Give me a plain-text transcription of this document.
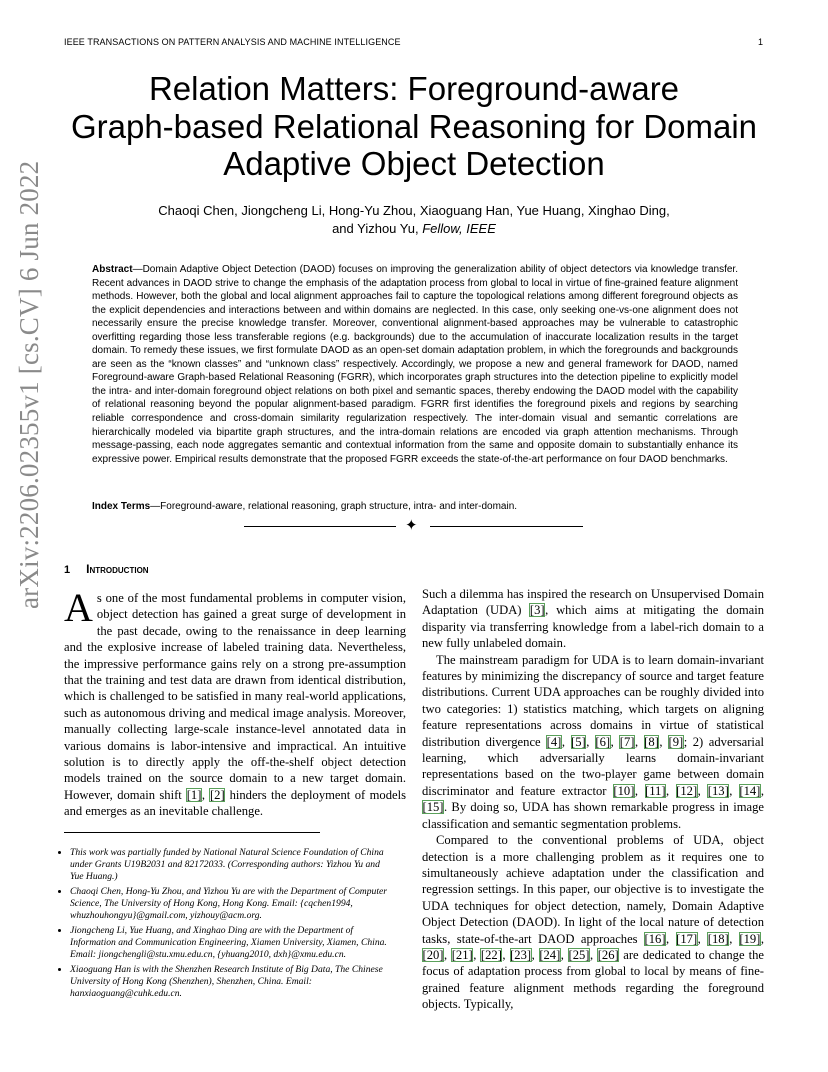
IEEE TRANSACTIONS ON PATTERN ANALYSIS AND MACHINE INTELLIGENCE	1
arXiv:2206.02355v1 [cs.CV] 6 Jun 2022
Relation Matters: Foreground-aware
Graph-based Relational Reasoning for Domain
Adaptive Object Detection
Chaoqi Chen, Jiongcheng Li, Hong-Yu Zhou, Xiaoguang Han, Yue Huang, Xinghao Ding,
and Yizhou Yu, Fellow, IEEE
Abstract—Domain Adaptive Object Detection (DAOD) focuses on improving the generalization ability of object detectors via knowledge transfer. Recent advances in DAOD strive to change the emphasis of the adaptation process from global to local in virtue of fine-grained feature alignment methods. However, both the global and local alignment approaches fail to capture the topological relations among different foreground objects as the explicit dependencies and interactions between and within domains are neglected. In this case, only seeking one-vs-one alignment does not necessarily ensure the precise knowledge transfer. Moreover, conventional alignment-based approaches may be vulnerable to catastrophic overfitting regarding those less transferable regions (e.g. backgrounds) due to the accumulation of inaccurate localization results in the target domain. To remedy these issues, we first formulate DAOD as an open-set domain adaptation problem, in which the foregrounds and backgrounds are seen as the “known classes” and “unknown class” respectively. Accordingly, we propose a new and general framework for DAOD, named Foreground-aware Graph-based Relational Reasoning (FGRR), which incorporates graph structures into the detection pipeline to explicitly model the intra- and inter-domain foreground object relations on both pixel and semantic spaces, thereby endowing the DAOD model with the capability of relational reasoning beyond the popular alignment-based paradigm. FGRR first identifies the foreground pixels and regions by searching reliable correspondence and cross-domain similarity regularization respectively. The inter-domain visual and semantic correlations are hierarchically modeled via bipartite graph structures, and the intra-domain relations are encoded via graph attention mechanisms. Through message-passing, each node aggregates semantic and contextual information from the same and opposite domain to substantially enhance its expressive power. Empirical results demonstrate that the proposed FGRR exceeds the state-of-the-art performance on four DAOD benchmarks.
Index Terms—Foreground-aware, relational reasoning, graph structure, intra- and inter-domain.
✦
1 Introduction

As one of the most fundamental problems in computer vision, object detection has gained a great surge of development in the past decade, owing to the renaissance in deep learning and the explosive increase of labeled training data. Nevertheless, the impressive performance gains rely on a strong pre-assumption that the training and test data are drawn from identical distribution, which is challenged to be satisfied in many real-world applications, such as autonomous driving and medical image analysis. Moreover, manually collecting large-scale instance-level annotated data in various domains is labor-intensive and impractical. An intuitive solution is to directly apply the off-the-shelf object detection models trained on the source domain to a new target domain. However, domain shift [1], [2] hinders the deployment of models and emerges as an inevitable challenge.

• This work was partially funded by National Natural Science Foundation of China under Grants U19B2031 and 82172033. (Corresponding authors: Yizhou Yu and Yue Huang.)
• Chaoqi Chen, Hong-Yu Zhou, and Yizhou Yu are with the Department of Computer Science, The University of Hong Kong, Hong Kong. Email: {cqchen1994, whuzhouhongyu}@gmail.com, yizhouy@acm.org.
• Jiongcheng Li, Yue Huang, and Xinghao Ding are with the Department of Information and Communication Engineering, Xiamen University, Xiamen, China. Email: jiongchengli@stu.xmu.edu.cn, {yhuang2010, dxh}@xmu.edu.cn.
• Xiaoguang Han is with the Shenzhen Research Institute of Big Data, The Chinese University of Hong Kong (Shenzhen), Shenzhen, China. Email: hanxiaoguang@cuhk.edu.cn.

Such a dilemma has inspired the research on Unsupervised Domain Adaptation (UDA) [3], which aims at mitigating the domain disparity via transferring knowledge from a label-rich domain to a new fully unlabeled domain.

The mainstream paradigm for UDA is to learn domain-invariant features by minimizing the discrepancy of source and target feature distributions. Current UDA approaches can be roughly divided into two categories: 1) statistics matching, which targets on aligning feature representations across domains in virtue of statistical distribution divergence [4], [5], [6], [7], [8], [9]; 2) adversarial learning, which adversarially learns domain-invariant representations based on the two-player game between domain discriminator and feature extractor [10], [11], [12], [13], [14], [15]. By doing so, UDA has shown remarkable progress in image classification and semantic segmentation problems.

Compared to the conventional problems of UDA, object detection is a more challenging problem as it requires one to simultaneously achieve adaptation under the classification and regression settings. In this paper, our objective is to investigate the UDA techniques for object detection, namely, Domain Adaptive Object Detection (DAOD). In light of the local nature of detection tasks, state-of-the-art DAOD approaches [16], [17], [18], [19], [20], [21], [22], [23], [24], [25], [26] are dedicated to change the focus of adaptation process from global to local by means of fine-grained feature alignment methods regarding the foreground objects. Typically,
